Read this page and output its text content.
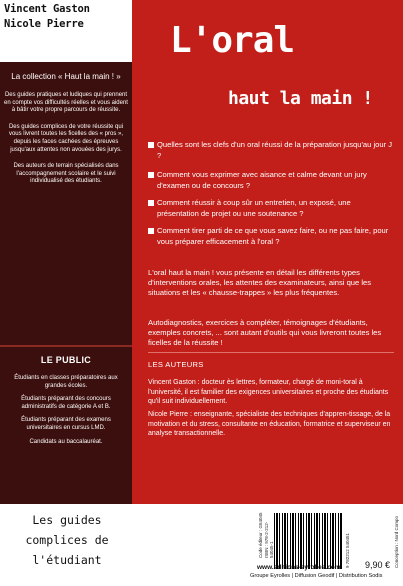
Vincent Gaston
Nicole Pierre
La collection « Haut la main ! »
Des guides pratiques et ludiques qui prennent en compte vos difficultés réelles et vous aident à bâtir votre propre parcours de réussite.
Des guides complices de votre réussite qui vous livrent toutes les ficelles des « pros », depuis les faces cachées des épreuves jusqu'aux attentes non avouées des jurys.
Des auteurs de terrain spécialisés dans l'accompagnement scolaire et le suivi individualisé des étudiants.
LE PUBLIC
Étudiants en classes préparatoires aux grandes écoles.
Étudiants préparant des concours administratifs de catégorie A et B.
Étudiants préparant des examens universitaires en cursus LMD.
Candidats au baccalauréat.
L'oral
haut la main !

Quelles sont les clefs d'un oral réussi de la préparation jusqu'au jour J ?

Comment vous exprimer avec aisance et calme devant un jury d'examen ou de concours ?

Comment réussir à coup sûr un entretien, un exposé, une présentation de projet ou une soutenance ?

Comment tirer parti de ce que vous savez faire, ou ne pas faire, pour vous préparer efficacement à l'oral ?

L'oral haut la main ! vous présente en détail les différents types d'interventions orales, les attentes des examinateurs, ainsi que les situations et les « chausse-trappes » les plus fréquentes.
Autodiagnostics, exercices à compléter, témoignages d'étudiants, exemples concrets, ... sont autant d'outils qui vous livreront toutes les ficelles de la réussite !
LES AUTEURS
Vincent Gaston : docteur ès lettres, formateur, chargé de moni-toral à l'université, il est familier des exigences universitaires et proche des étudiants qu'il suit individuellement.
Nicole Pierre : enseignante, spécialiste des techniques d'appren-tissage, de la motivation et du stress, consultante en éducation, formatrice et superviseur en analyse transactionnelle.
Les guides complices de l'étudiant
Code éditeur : G54045 ISBN : 978-2-212-54045-1	9 782212 540451	Conception : Nord Compo
www.editions-eyrolles.com
Groupe Eyrolles | Diffusion Geodif | Distribution Sodis
9,90 €
